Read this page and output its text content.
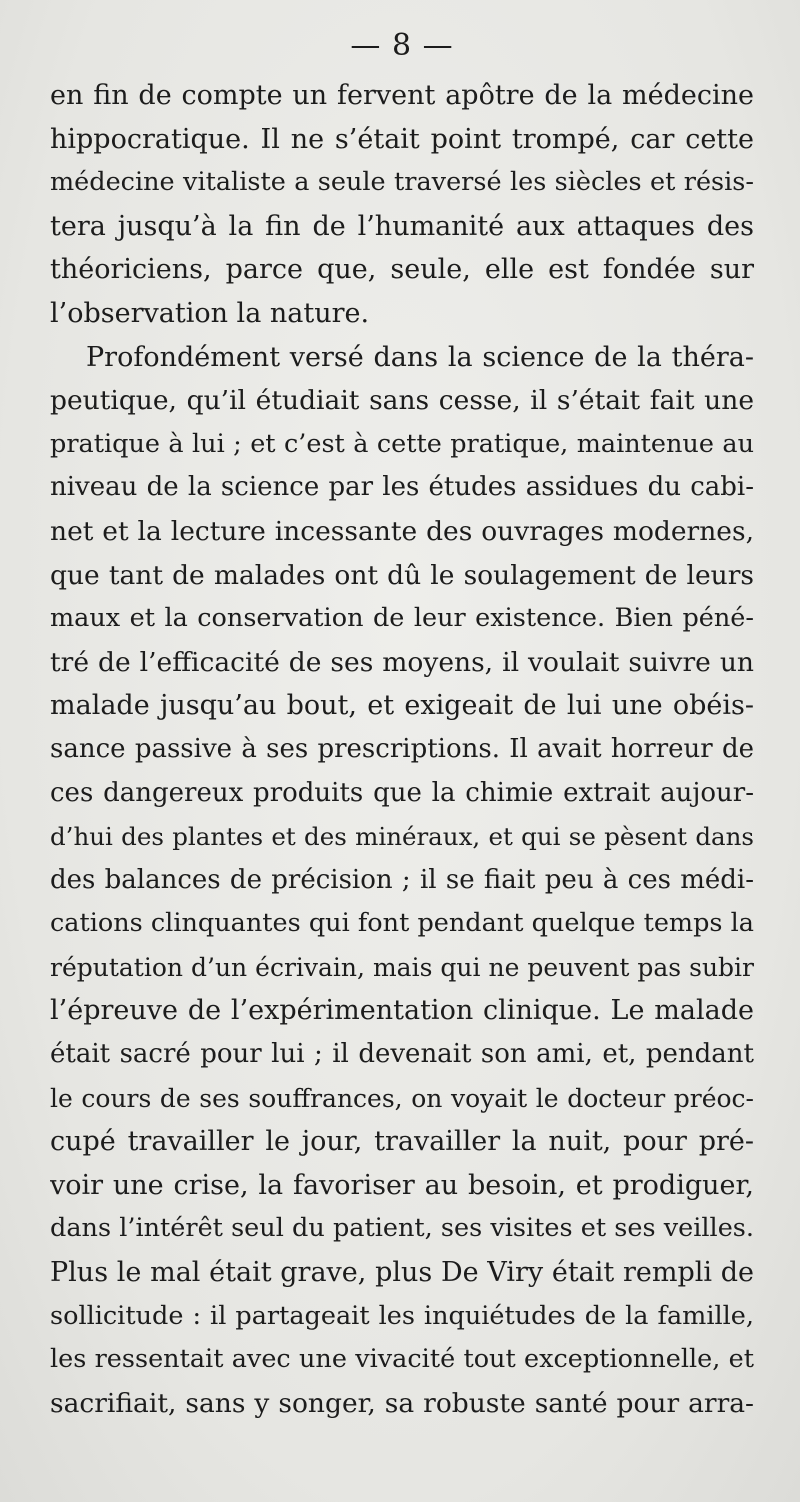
— 8 —
en fin de compte un fervent apôtre de la médecine
hippocratique. Il ne s’était point trompé, car cette
médecine vitaliste a seule traversé les siècles et résis-
tera jusqu’à la fin de l’humanité aux attaques des
théoriciens, parce que, seule, elle est fondée sur
l’observation la nature.
Profondément versé dans la science de la théra-
peutique, qu’il étudiait sans cesse, il s’était fait une
pratique à lui ; et c’est à cette pratique, maintenue au
niveau de la science par les études assidues du cabi-
net et la lecture incessante des ouvrages modernes,
que tant de malades ont dû le soulagement de leurs
maux et la conservation de leur existence. Bien péné-
tré de l’efficacité de ses moyens, il voulait suivre un
malade jusqu’au bout, et exigeait de lui une obéis-
sance passive à ses prescriptions. Il avait horreur de
ces dangereux produits que la chimie extrait aujour-
d’hui des plantes et des minéraux, et qui se pèsent dans
des balances de précision ; il se fiait peu à ces médi-
cations clinquantes qui font pendant quelque temps la
réputation d’un écrivain, mais qui ne peuvent pas subir
l’épreuve de l’expérimentation clinique. Le malade
était sacré pour lui ; il devenait son ami, et, pendant
le cours de ses souffrances, on voyait le docteur préoc-
cupé travailler le jour, travailler la nuit, pour pré-
voir une crise, la favoriser au besoin, et prodiguer,
dans l’intérêt seul du patient, ses visites et ses veilles.
Plus le mal était grave, plus De Viry était rempli de
sollicitude : il partageait les inquiétudes de la famille,
les ressentait avec une vivacité tout exceptionnelle, et
sacrifiait, sans y songer, sa robuste santé pour arra-
